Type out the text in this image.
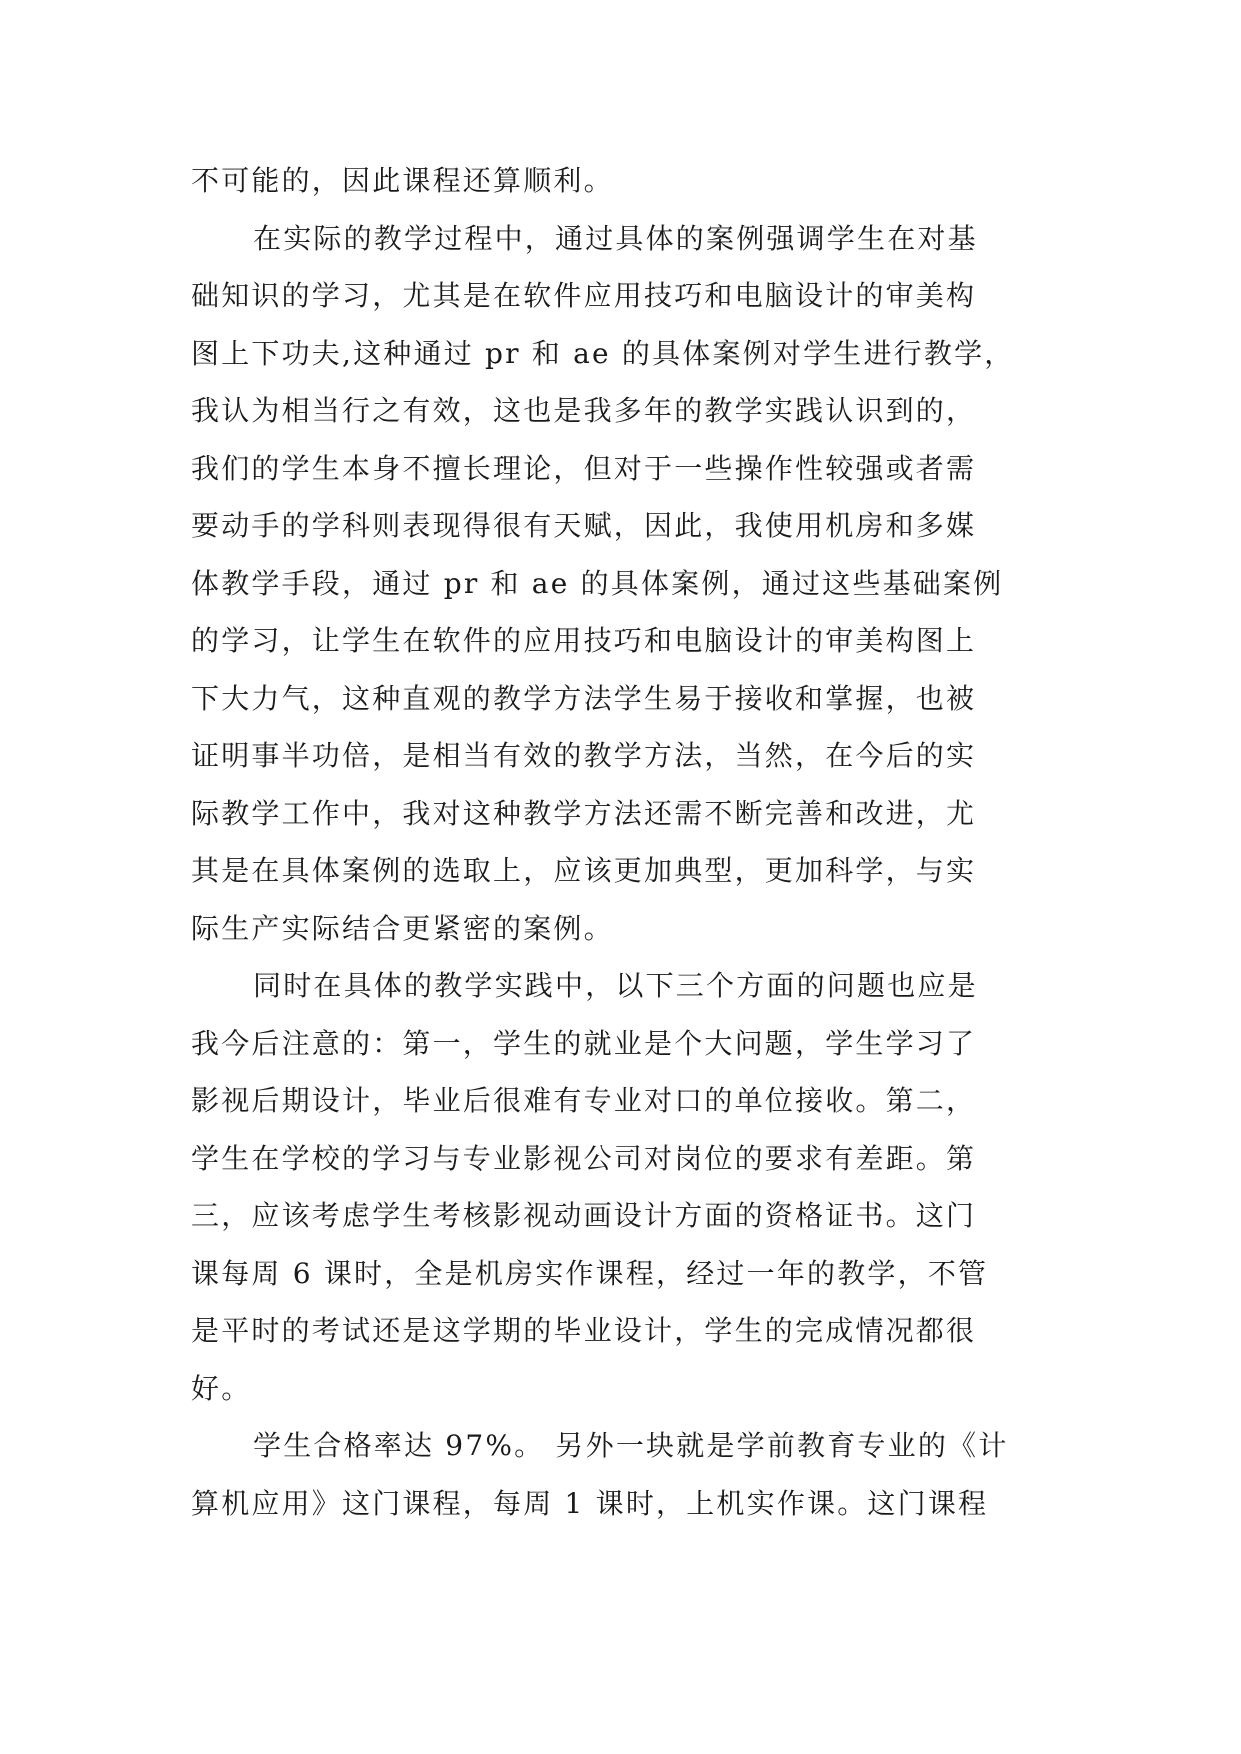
不可能的，因此课程还算顺利。
在实际的教学过程中，通过具体的案例强调学生在对基
础知识的学习，尤其是在软件应用技巧和电脑设计的审美构
图上下功夫,这种通过 pr 和 ae 的具体案例对学生进行教学，
我认为相当行之有效，这也是我多年的教学实践认识到的，
我们的学生本身不擅长理论，但对于一些操作性较强或者需
要动手的学科则表现得很有天赋，因此，我使用机房和多媒
体教学手段，通过 pr 和 ae 的具体案例，通过这些基础案例
的学习，让学生在软件的应用技巧和电脑设计的审美构图上
下大力气，这种直观的教学方法学生易于接收和掌握，也被
证明事半功倍，是相当有效的教学方法，当然，在今后的实
际教学工作中，我对这种教学方法还需不断完善和改进，尤
其是在具体案例的选取上，应该更加典型，更加科学，与实
际生产实际结合更紧密的案例。
同时在具体的教学实践中，以下三个方面的问题也应是
我今后注意的：第一，学生的就业是个大问题，学生学习了
影视后期设计，毕业后很难有专业对口的单位接收。第二，
学生在学校的学习与专业影视公司对岗位的要求有差距。第
三，应该考虑学生考核影视动画设计方面的资格证书。这门
课每周 6 课时，全是机房实作课程，经过一年的教学，不管
是平时的考试还是这学期的毕业设计，学生的完成情况都很
好。
学生合格率达 97%。 另外一块就是学前教育专业的《计
算机应用》这门课程，每周 1 课时，上机实作课。这门课程
